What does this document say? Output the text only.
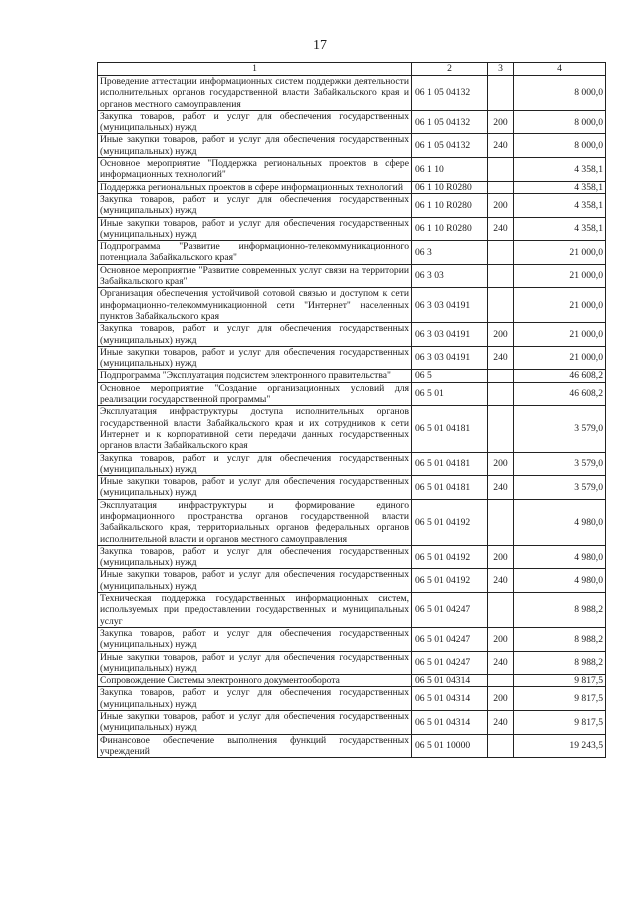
17
1	2	3	4
Проведение аттестации информационных систем поддержки деятельности исполнительных органов государственной власти Забайкальского края и органов местного самоуправления	06 1 05 04132		8 000,0
Закупка товаров, работ и услуг для обеспечения государственных (муниципальных) нужд	06 1 05 04132	200	8 000,0
Иные закупки товаров, работ и услуг для обеспечения государственных (муниципальных) нужд	06 1 05 04132	240	8 000,0
Основное мероприятие "Поддержка региональных проектов в сфере информационных технологий"	06 1 10		4 358,1
Поддержка региональных проектов в сфере информационных технологий	06 1 10 R0280		4 358,1
Закупка товаров, работ и услуг для обеспечения государственных (муниципальных) нужд	06 1 10 R0280	200	4 358,1
Иные закупки товаров, работ и услуг для обеспечения государственных (муниципальных) нужд	06 1 10 R0280	240	4 358,1
Подпрограмма "Развитие информационно-телекоммуникационного потенциала Забайкальского края"	06 3		21 000,0
Основное мероприятие "Развитие современных услуг связи на территории Забайкальского края"	06 3 03		21 000,0
Организация обеспечения устойчивой сотовой связью и доступом к сети информационно-телекоммуникационной сети "Интернет" населенных пунктов Забайкальского края	06 3 03 04191		21 000,0
Закупка товаров, работ и услуг для обеспечения государственных (муниципальных) нужд	06 3 03 04191	200	21 000,0
Иные закупки товаров, работ и услуг для обеспечения государственных (муниципальных) нужд	06 3 03 04191	240	21 000,0
Подпрограмма "Эксплуатация подсистем электронного правительства"	06 5		46 608,2
Основное мероприятие "Создание организационных условий для реализации государственной программы"	06 5 01		46 608,2
Эксплуатация инфраструктуры доступа исполнительных органов государственной власти Забайкальского края и их сотрудников к сети Интернет и к корпоративной сети передачи данных государственных органов власти Забайкальского края	06 5 01 04181		3 579,0
Закупка товаров, работ и услуг для обеспечения государственных (муниципальных) нужд	06 5 01 04181	200	3 579,0
Иные закупки товаров, работ и услуг для обеспечения государственных (муниципальных) нужд	06 5 01 04181	240	3 579,0
Эксплуатация инфраструктуры и формирование единого информационного пространства органов государственной власти Забайкальского края, территориальных органов федеральных органов исполнительной власти и органов местного самоуправления	06 5 01 04192		4 980,0
Закупка товаров, работ и услуг для обеспечения государственных (муниципальных) нужд	06 5 01 04192	200	4 980,0
Иные закупки товаров, работ и услуг для обеспечения государственных (муниципальных) нужд	06 5 01 04192	240	4 980,0
Техническая поддержка государственных информационных систем, используемых при предоставлении государственных и муниципальных услуг	06 5 01 04247		8 988,2
Закупка товаров, работ и услуг для обеспечения государственных (муниципальных) нужд	06 5 01 04247	200	8 988,2
Иные закупки товаров, работ и услуг для обеспечения государственных (муниципальных) нужд	06 5 01 04247	240	8 988,2
Сопровождение Системы электронного документооборота	06 5 01 04314		9 817,5
Закупка товаров, работ и услуг для обеспечения государственных (муниципальных) нужд	06 5 01 04314	200	9 817,5
Иные закупки товаров, работ и услуг для обеспечения государственных (муниципальных) нужд	06 5 01 04314	240	9 817,5
Финансовое обеспечение выполнения функций государственных учреждений	06 5 01 10000		19 243,5
